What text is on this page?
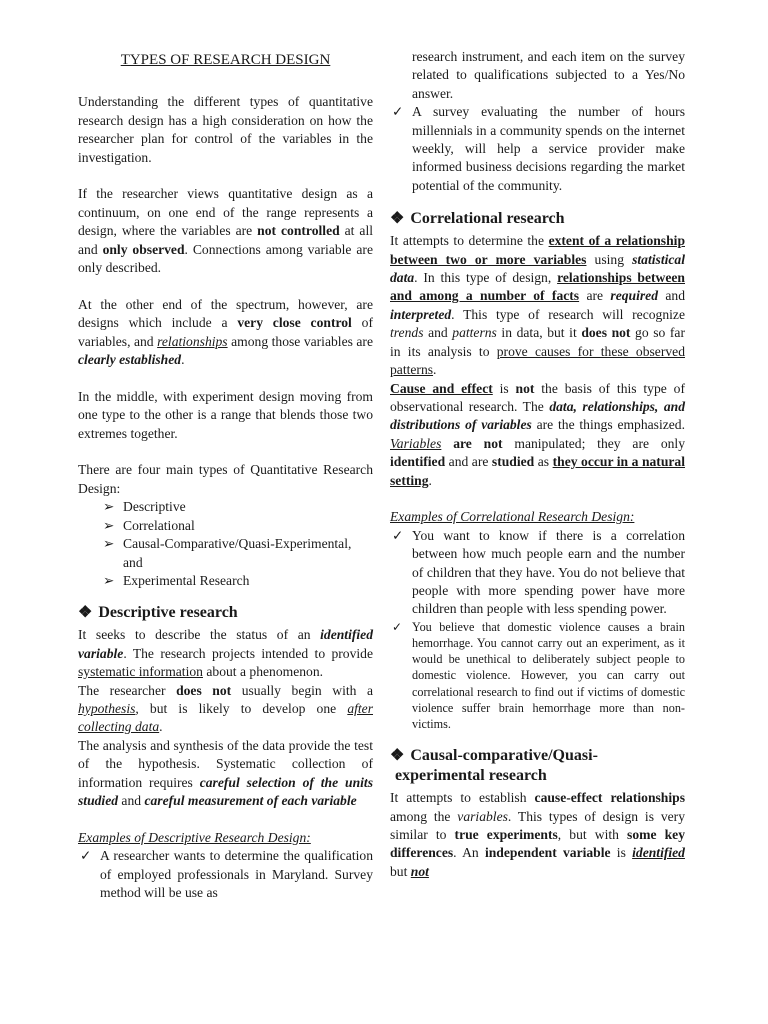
TYPES OF RESEARCH DESIGN

Understanding the different types of quantitative research design has a high consideration on how the researcher plan for control of the variables in the investigation.

If the researcher views quantitative design as a continuum, on one end of the range represents a design, where the variables are not controlled at all and only observed. Connections among variable are only described.

At the other end of the spectrum, however, are designs which include a very close control of variables, and relationships among those variables are clearly established.

In the middle, with experiment design moving from one type to the other is a range that blends those two extremes together.

There are four main types of Quantitative Research Design:

➢ Descriptive
➢ Correlational
➢ Causal-Comparative/Quasi-Experimental, and
➢ Experimental Research
❖ Descriptive research

It seeks to describe the status of an identified variable. The research projects intended to provide systematic information about a phenomenon.

The researcher does not usually begin with a hypothesis, but is likely to develop one after collecting data.

The analysis and synthesis of the data provide the test of the hypothesis. Systematic collection of information requires careful selection of the units studied and careful measurement of each variable

Examples of Descriptive Research Design:

✓ A researcher wants to determine the qualification of employed professionals in Maryland. Survey method will be use as

research instrument, and each item on the survey related to qualifications subjected to a Yes/No answer.

✓ A survey evaluating the number of hours millennials in a community spends on the internet weekly, will help a service provider make informed business decisions regarding the market potential of the community.
❖ Correlational research

It attempts to determine the extent of a relationship between two or more variables using statistical data. In this type of design, relationships between and among a number of facts are required and interpreted. This type of research will recognize trends and patterns in data, but it does not go so far in its analysis to prove causes for these observed patterns.

Cause and effect is not the basis of this type of observational research. The data, relationships, and distributions of variables are the things emphasized. Variables are not manipulated; they are only identified and are studied as they occur in a natural setting.

Examples of Correlational Research Design:

✓ You want to know if there is a correlation between how much people earn and the number of children that they have. You do not believe that people with more spending power have more children than people with less spending power.
✓ You believe that domestic violence causes a brain hemorrhage. You cannot carry out an experiment, as it would be unethical to deliberately subject people to domestic violence. However, you can carry out correlational research to find out if victims of domestic violence suffer brain hemorrhage more than non-victims.
❖ Causal-comparative/Quasi-
experimental research

It attempts to establish cause-effect relationships among the variables. This types of design is very similar to true experiments, but with some key differences. An independent variable is identified but not
